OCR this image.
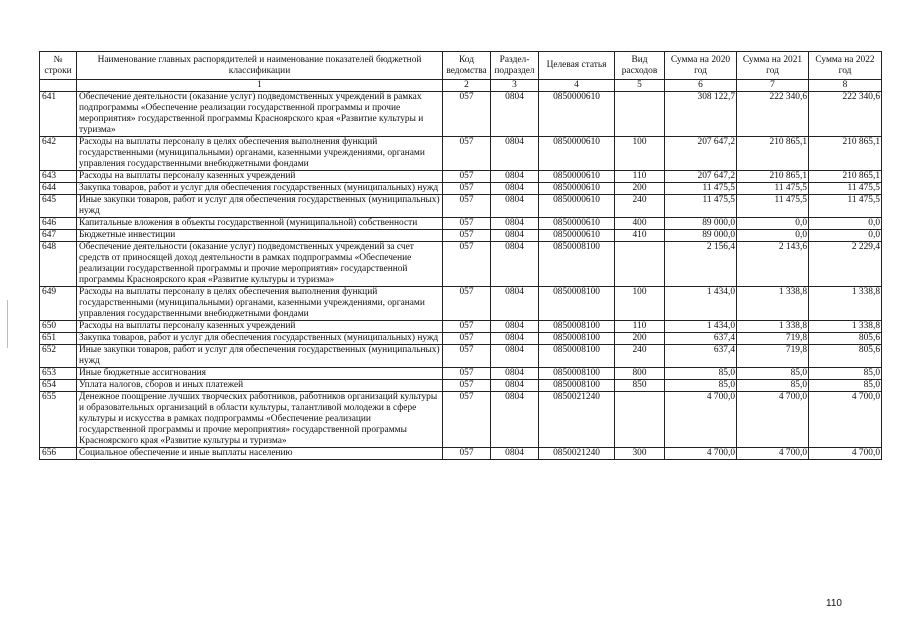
№ строки	Наименование главных распорядителей и наименование показателей бюджетной классификации	Код ведомства	Раздел-подраздел	Целевая статья	Вид расходов	Сумма на 2020 год	Сумма на 2021 год	Сумма на 2022 год
	1	2	3	4	5	6	7	8
641	Обеспечение деятельности (оказание услуг) подведомственных учреждений в рамках подпрограммы «Обеспечение реализации государственной программы и прочие мероприятия» государственной программы Красноярского края «Развитие культуры и туризма»	057	0804	0850000610		308 122,7	222 340,6	222 340,6
642	Расходы на выплаты персоналу в целях обеспечения выполнения функций государственными (муниципальными) органами, казенными учреждениями, органами управления государственными внебюджетными фондами	057	0804	0850000610	100	207 647,2	210 865,1	210 865,1
643	Расходы на выплаты персоналу казенных учреждений	057	0804	0850000610	110	207 647,2	210 865,1	210 865,1
644	Закупка товаров, работ и услуг для обеспечения государственных (муниципальных) нужд	057	0804	0850000610	200	11 475,5	11 475,5	11 475,5
645	Иные закупки товаров, работ и услуг для обеспечения государственных (муниципальных) нужд	057	0804	0850000610	240	11 475,5	11 475,5	11 475,5
646	Капитальные вложения в объекты государственной (муниципальной) собственности	057	0804	0850000610	400	89 000,0	0,0	0,0
647	Бюджетные инвестиции	057	0804	0850000610	410	89 000,0	0,0	0,0
648	Обеспечение деятельности (оказание услуг) подведомственных учреждений за счет средств от приносящей доход деятельности в рамках подпрограммы «Обеспечение реализации государственной программы и прочие мероприятия» государственной программы Красноярского края «Развитие культуры и туризма»	057	0804	0850008100		2 156,4	2 143,6	2 229,4
649	Расходы на выплаты персоналу в целях обеспечения выполнения функций государственными (муниципальными) органами, казенными учреждениями, органами управления государственными внебюджетными фондами	057	0804	0850008100	100	1 434,0	1 338,8	1 338,8
650	Расходы на выплаты персоналу казенных учреждений	057	0804	0850008100	110	1 434,0	1 338,8	1 338,8
651	Закупка товаров, работ и услуг для обеспечения государственных (муниципальных) нужд	057	0804	0850008100	200	637,4	719,8	805,6
652	Иные закупки товаров, работ и услуг для обеспечения государственных (муниципальных) нужд	057	0804	0850008100	240	637,4	719,8	805,6
653	Иные бюджетные ассигнования	057	0804	0850008100	800	85,0	85,0	85,0
654	Уплата налогов, сборов и иных платежей	057	0804	0850008100	850	85,0	85,0	85,0
655	Денежное поощрение лучших творческих работников, работников организаций культуры и образовательных организаций в области культуры, талантливой молодежи в сфере культуры и искусства в рамках подпрограммы «Обеспечение реализации государственной программы и прочие мероприятия» государственной программы Красноярского края «Развитие культуры и туризма»	057	0804	0850021240		4 700,0	4 700,0	4 700,0
656	Социальное обеспечение и иные выплаты населению	057	0804	0850021240	300	4 700,0	4 700,0	4 700,0
110
